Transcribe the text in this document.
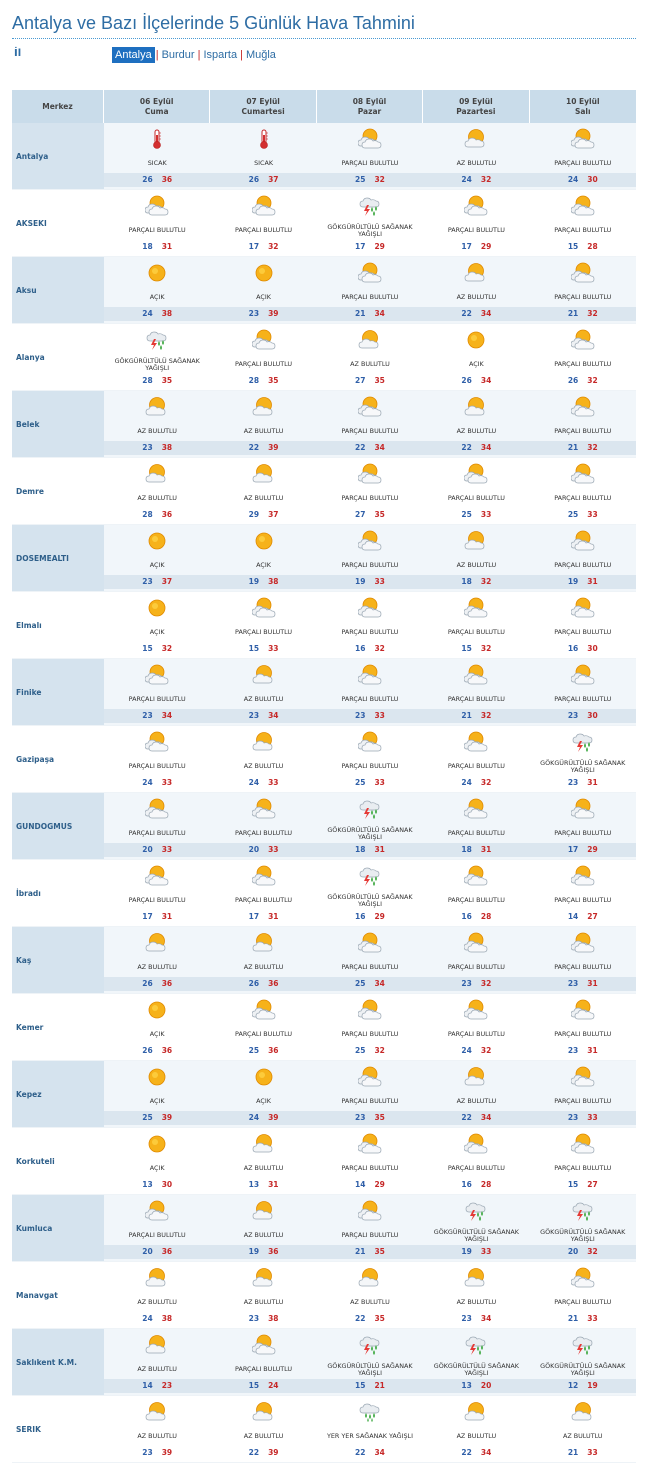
Antalya ve Bazı İlçelerinde 5 Günlük Hava Tahmini
İl	Antalya | Burdur | Isparta | Muğla
Merkez
06 Eylül
Cuma
07 Eylül
Cumartesi
08 Eylül
Pazar
09 Eylül
Pazartesi
10 Eylül
Salı
Antalya
SICAK
26 36
SICAK
26 37
PARÇALI BULUTLU
25 32
AZ BULUTLU
24 32
PARÇALI BULUTLU
24 30
AKSEKI
PARÇALI BULUTLU
18 31
PARÇALI BULUTLU
17 32
GÖKGÜRÜLTÜLÜ SAĞANAK YAĞIŞLI
17 29
PARÇALI BULUTLU
17 29
PARÇALI BULUTLU
15 28
Aksu
AÇIK
24 38
AÇIK
23 39
PARÇALI BULUTLU
21 34
AZ BULUTLU
22 34
PARÇALI BULUTLU
21 32
Alanya	GÖKGÜRÜLTÜLÜ SAĞANAK YAĞIŞLI
28 35
PARÇALI BULUTLU
28 35
AZ BULUTLU
27 35
AÇIK
26 34
PARÇALI BULUTLU
26 32
Belek
AZ BULUTLU
23 38
AZ BULUTLU
22 39
PARÇALI BULUTLU
22 34
AZ BULUTLU
22 34
PARÇALI BULUTLU
21 32
Demre
AZ BULUTLU
28 36
AZ BULUTLU
29 37
PARÇALI BULUTLU
27 35
PARÇALI BULUTLU
25 33
PARÇALI BULUTLU
25 33
DOSEMEALTI
AÇIK
23 37
AÇIK
19 38
PARÇALI BULUTLU
19 33
AZ BULUTLU
18 32
PARÇALI BULUTLU
19 31
Elmalı
AÇIK
15 32
PARÇALI BULUTLU
15 33
PARÇALI BULUTLU
16 32
PARÇALI BULUTLU
15 32
PARÇALI BULUTLU
16 30
Finike
PARÇALI BULUTLU
23 34
AZ BULUTLU
23 34
PARÇALI BULUTLU
23 33
PARÇALI BULUTLU
21 32
PARÇALI BULUTLU
23 30
Gazipaşa
PARÇALI BULUTLU
24 33
AZ BULUTLU
24 33
PARÇALI BULUTLU
25 33
PARÇALI BULUTLU
24 32
GÖKGÜRÜLTÜLÜ SAĞANAK YAĞIŞLI
23 31
GUNDOGMUS
PARÇALI BULUTLU
20 33
PARÇALI BULUTLU
20 33
GÖKGÜRÜLTÜLÜ SAĞANAK YAĞIŞLI
18 31
PARÇALI BULUTLU
18 31
PARÇALI BULUTLU
17 29
İbradı
PARÇALI BULUTLU
17 31
PARÇALI BULUTLU
17 31
GÖKGÜRÜLTÜLÜ SAĞANAK YAĞIŞLI
16 29
PARÇALI BULUTLU
16 28
PARÇALI BULUTLU
14 27
Kaş
AZ BULUTLU
26 36
AZ BULUTLU
26 36
PARÇALI BULUTLU
25 34
PARÇALI BULUTLU
23 32
PARÇALI BULUTLU
23 31
Kemer
AÇIK
26 36
PARÇALI BULUTLU
25 36
PARÇALI BULUTLU
25 32
PARÇALI BULUTLU
24 32
PARÇALI BULUTLU
23 31
Kepez
AÇIK
25 39
AÇIK
24 39
PARÇALI BULUTLU
23 35
AZ BULUTLU
22 34
PARÇALI BULUTLU
23 33
Korkuteli
AÇIK
13 30
AZ BULUTLU
13 31
PARÇALI BULUTLU
14 29
PARÇALI BULUTLU
16 28
PARÇALI BULUTLU
15 27
Kumluca
PARÇALI BULUTLU
20 36
AZ BULUTLU
19 36
PARÇALI BULUTLU
21 35
GÖKGÜRÜLTÜLÜ SAĞANAK YAĞIŞLI
19 33
GÖKGÜRÜLTÜLÜ SAĞANAK YAĞIŞLI
20 32
Manavgat
AZ BULUTLU
24 38
AZ BULUTLU
23 38
AZ BULUTLU
22 35
AZ BULUTLU
23 34
PARÇALI BULUTLU
21 33
Saklıkent K.M.
AZ BULUTLU
14 23
PARÇALI BULUTLU
15 24
GÖKGÜRÜLTÜLÜ SAĞANAK YAĞIŞLI
15 21
GÖKGÜRÜLTÜLÜ SAĞANAK YAĞIŞLI
13 20
GÖKGÜRÜLTÜLÜ SAĞANAK YAĞIŞLI
12 19
SERIK
AZ BULUTLU
23 39
AZ BULUTLU
22 39
YER YER SAĞANAK YAĞIŞLI
22 34
AZ BULUTLU
22 34
AZ BULUTLU
21 33
